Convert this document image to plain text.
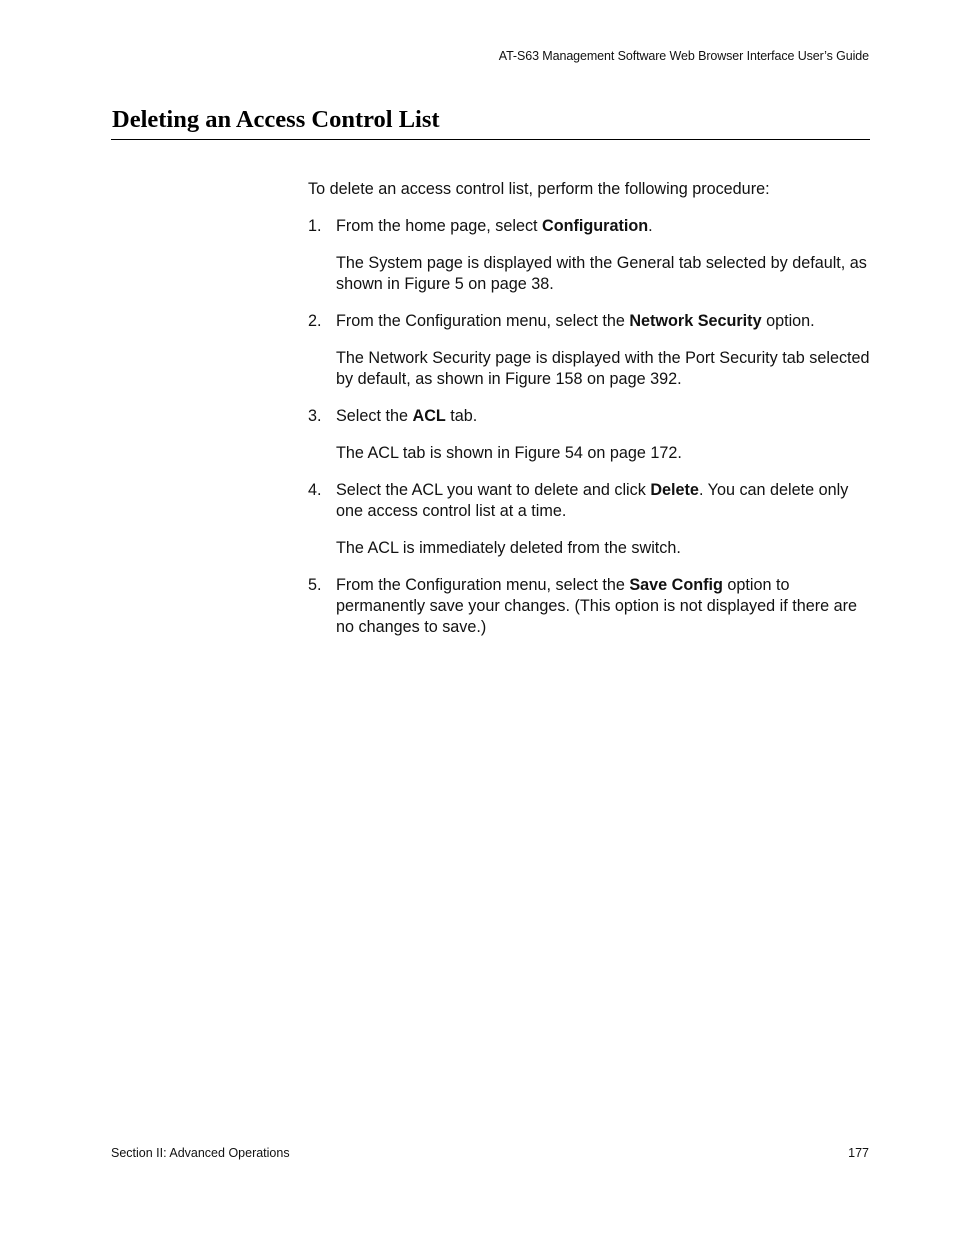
AT-S63 Management Software Web Browser Interface User’s Guide
Deleting an Access Control List

To delete an access control list, perform the following procedure:

1. From the home page, select Configuration.

The System page is displayed with the General tab selected by default, as shown in Figure 5 on page 38.

2. From the Configuration menu, select the Network Security option.

The Network Security page is displayed with the Port Security tab selected by default, as shown in Figure 158 on page 392.

3. Select the ACL tab.

The ACL tab is shown in Figure 54 on page 172.

4. Select the ACL you want to delete and click Delete. You can delete only one access control list at a time.

The ACL is immediately deleted from the switch.

5. From the Configuration menu, select the Save Config option to permanently save your changes. (This option is not displayed if there are no changes to save.)
Section II: Advanced Operations	177
